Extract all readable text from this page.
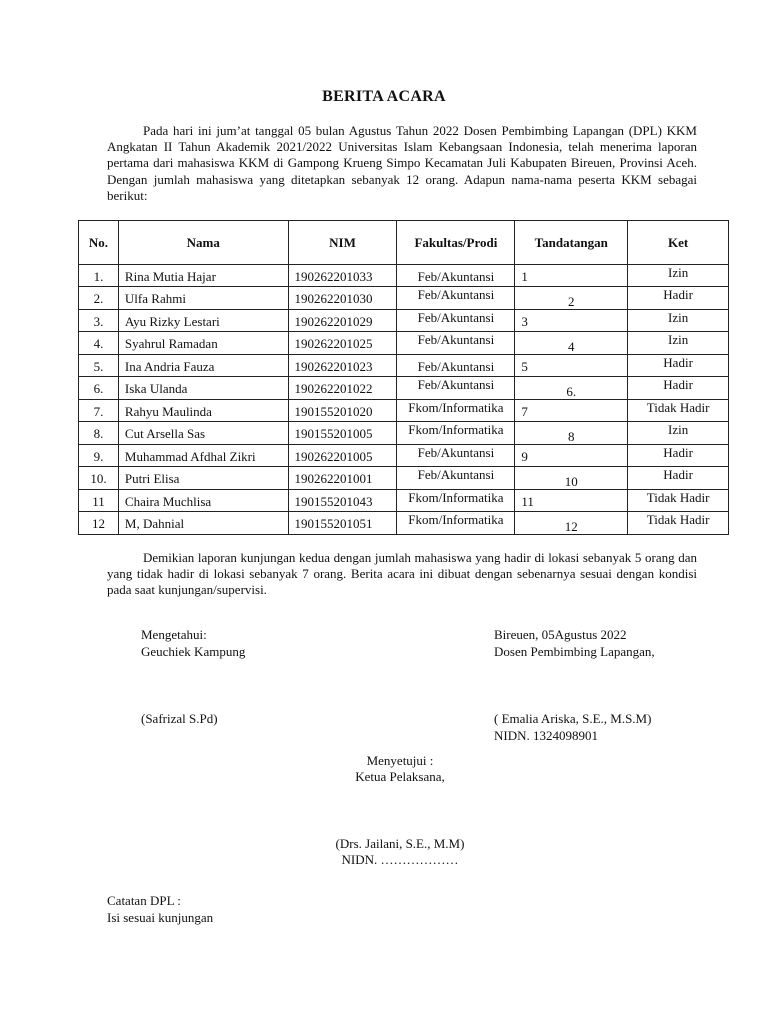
BERITA ACARA
Pada hari ini jum’at tanggal 05 bulan Agustus Tahun 2022 Dosen Pembimbing Lapangan (DPL) KKM Angkatan II Tahun Akademik 2021/2022 Universitas Islam Kebangsaan Indonesia, telah menerima laporan pertama dari mahasiswa KKM di Gampong Krueng Simpo Kecamatan Juli Kabupaten Bireuen, Provinsi Aceh. Dengan jumlah mahasiswa yang ditetapkan sebanyak 12 orang. Adapun nama-nama peserta KKM sebagai berikut:
No.	Nama	NIM	Fakultas/Prodi	Tandatangan	Ket

1.	Rina Mutia Hajar	190262201033	Feb/Akuntansi	1	Izin

2.	Ulfa Rahmi	190262201030	Feb/Akuntansi	2	Hadir

3.	Ayu Rizky Lestari	190262201029	Feb/Akuntansi	3	Izin

4.	Syahrul Ramadan	190262201025	Feb/Akuntansi	4	Izin

5.	Ina Andria Fauza	190262201023	Feb/Akuntansi	5	Hadir

6.	Iska Ulanda	190262201022	Feb/Akuntansi	6.	Hadir

7.	Rahyu Maulinda	190155201020	Fkom/Informatika	7	Tidak Hadir

8.	Cut Arsella Sas	190155201005	Fkom/Informatika	8	Izin

9.	Muhammad Afdhal Zikri	190262201005	Feb/Akuntansi	9	Hadir

10.	Putri Elisa	190262201001	Feb/Akuntansi	10	Hadir

11	Chaira Muchlisa	190155201043	Fkom/Informatika	11	Tidak Hadir

12	M, Dahnial	190155201051	Fkom/Informatika	12	Tidak Hadir
Demikian laporan kunjungan kedua dengan jumlah mahasiswa yang hadir di lokasi sebanyak 5 orang dan yang tidak hadir di lokasi sebanyak 7 orang. Berita acara ini dibuat dengan sebenarnya sesuai dengan kondisi pada saat kunjungan/supervisi.
Mengetahui:
Geuchiek Kampung
(Safrizal S.Pd)
Bireuen, 05Agustus 2022
Dosen Pembimbing Lapangan,
( Emalia Ariska, S.E., M.S.M)
NIDN. 1324098901
Menyetujui :
Ketua Pelaksana,
(Drs. Jailani, S.E., M.M)
NIDN. ………………
Catatan DPL :
Isi sesuai kunjungan
